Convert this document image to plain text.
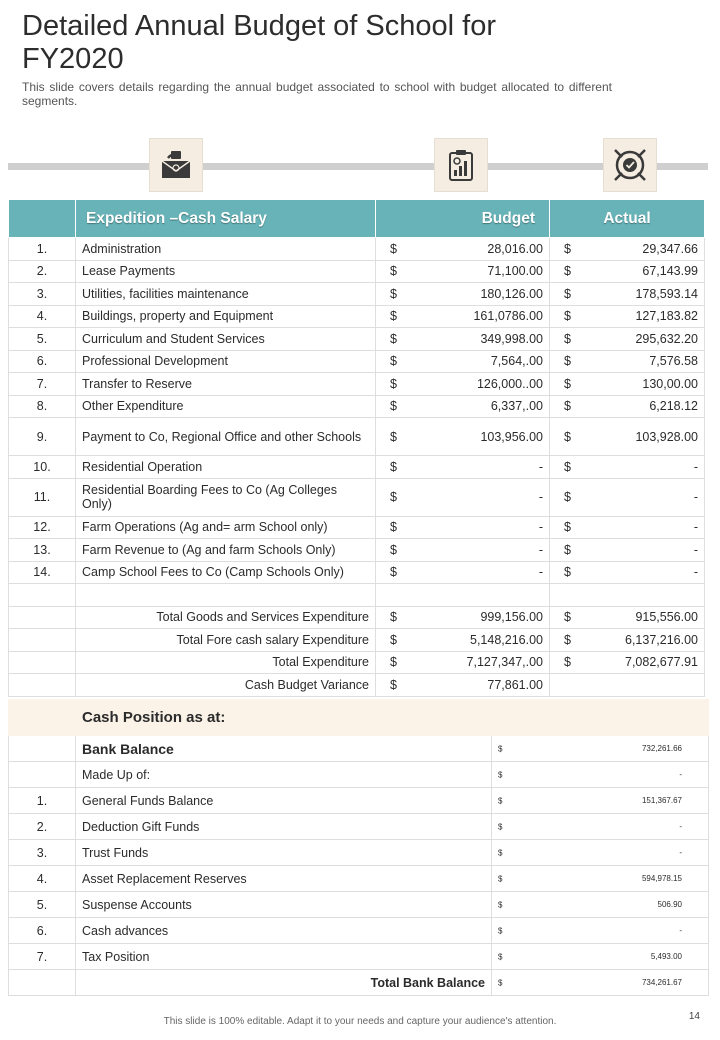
Detailed Annual Budget of School for FY2020

This slide covers details regarding the annual budget associated to school with budget allocated to different segments.

	Expedition –Cash Salary	Budget	Actual
1.	Administration	$ 28,016.00	$ 29,347.66

2.	Lease Payments	$ 71,100.00	$ 67,143.99

3.	Utilities, facilities maintenance	$ 180,126.00	$ 178,593.14

4.	Buildings, property and Equipment	$ 161,0786.00	$ 127,183.82

5.	Curriculum and Student Services	$ 349,998.00	$ 295,632.20

6.	Professional Development	$ 7,564,.00	$ 7,576.58

7.	Transfer to Reserve	$ 126,000..00	$ 130,00.00

8.	Other Expenditure	$ 6,337,.00	$ 6,218.12

9.	Payment to Co, Regional Office and other Schools	$ 103,956.00	$ 103,928.00

10.	Residential Operation	$ -	$ -

11.	Residential Boarding Fees to Co (Ag Colleges Only)	$ -	$ -

12.	Farm Operations (Ag and= arm School only)	$ -	$ -

13.	Farm Revenue to (Ag and farm Schools Only)	$ -	$ -

14.	Camp School Fees to Co (Camp Schools Only)	$ -	$ -

	Total Goods and Services Expenditure	$ 999,156.00	$ 915,556.00

	Total Fore cash salary Expenditure	$ 5,148,216.00	$ 6,137,216.00

	Total Expenditure	$ 7,127,347,.00	$ 7,082,677.91

	Cash Budget Variance	$ 77,861.00	

	Cash Position as at:	
	Bank Balance	$ 732,261.66

	Made Up of:	$ -

1.	General Funds Balance	$ 151,367.67

2.	Deduction Gift Funds	$ -

3.	Trust Funds	$ -

4.	Asset Replacement Reserves	$ 594,978.15

5.	Suspense Accounts	$ 506.90

6.	Cash advances	$ -

7.	Tax Position	$ 5,493.00

	Total Bank Balance	$ 734,261.67

This slide is 100% editable. Adapt it to your needs and capture your audience's attention.	14
